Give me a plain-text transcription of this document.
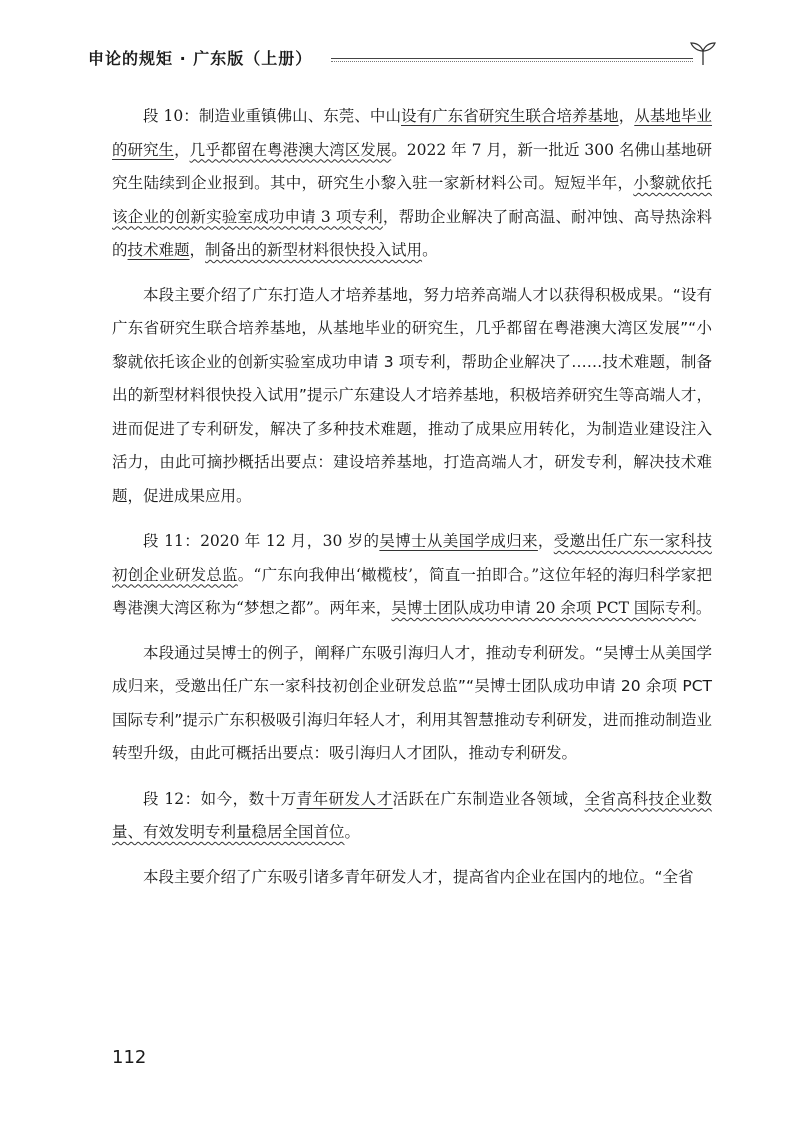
申论的规矩 · 广东版（上册）

段 10：制造业重镇佛山、东莞、中山设有广东省研究生联合培养基地，从基地毕业的研究生，几乎都留在粤港澳大湾区发展。2022 年 7 月，新一批近 300 名佛山基地研究生陆续到企业报到。其中，研究生小黎入驻一家新材料公司。短短半年，小黎就依托该企业的创新实验室成功申请 3 项专利，帮助企业解决了耐高温、耐冲蚀、高导热涂料的技术难题，制备出的新型材料很快投入试用。

本段主要介绍了广东打造人才培养基地，努力培养高端人才以获得积极成果。“设有广东省研究生联合培养基地，从基地毕业的研究生，几乎都留在粤港澳大湾区发展”“小黎就依托该企业的创新实验室成功申请 3 项专利，帮助企业解决了……技术难题，制备出的新型材料很快投入试用”提示广东建设人才培养基地，积极培养研究生等高端人才，进而促进了专利研发，解决了多种技术难题，推动了成果应用转化，为制造业建设注入活力，由此可摘抄概括出要点：建设培养基地，打造高端人才，研发专利，解决技术难题，促进成果应用。

段 11：2020 年 12 月，30 岁的吴博士从美国学成归来，受邀出任广东一家科技初创企业研发总监。“广东向我伸出‘橄榄枝’，简直一拍即合。”这位年轻的海归科学家把粤港澳大湾区称为“梦想之都”。两年来，吴博士团队成功申请 20 余项 PCT 国际专利。

本段通过吴博士的例子，阐释广东吸引海归人才，推动专利研发。“吴博士从美国学成归来，受邀出任广东一家科技初创企业研发总监”“吴博士团队成功申请 20 余项 PCT 国际专利”提示广东积极吸引海归年轻人才，利用其智慧推动专利研发，进而推动制造业转型升级，由此可概括出要点：吸引海归人才团队，推动专利研发。

段 12：如今，数十万青年研发人才活跃在广东制造业各领域，全省高科技企业数量、有效发明专利量稳居全国首位。

本段主要介绍了广东吸引诸多青年研发人才，提高省内企业在国内的地位。“全省

112
